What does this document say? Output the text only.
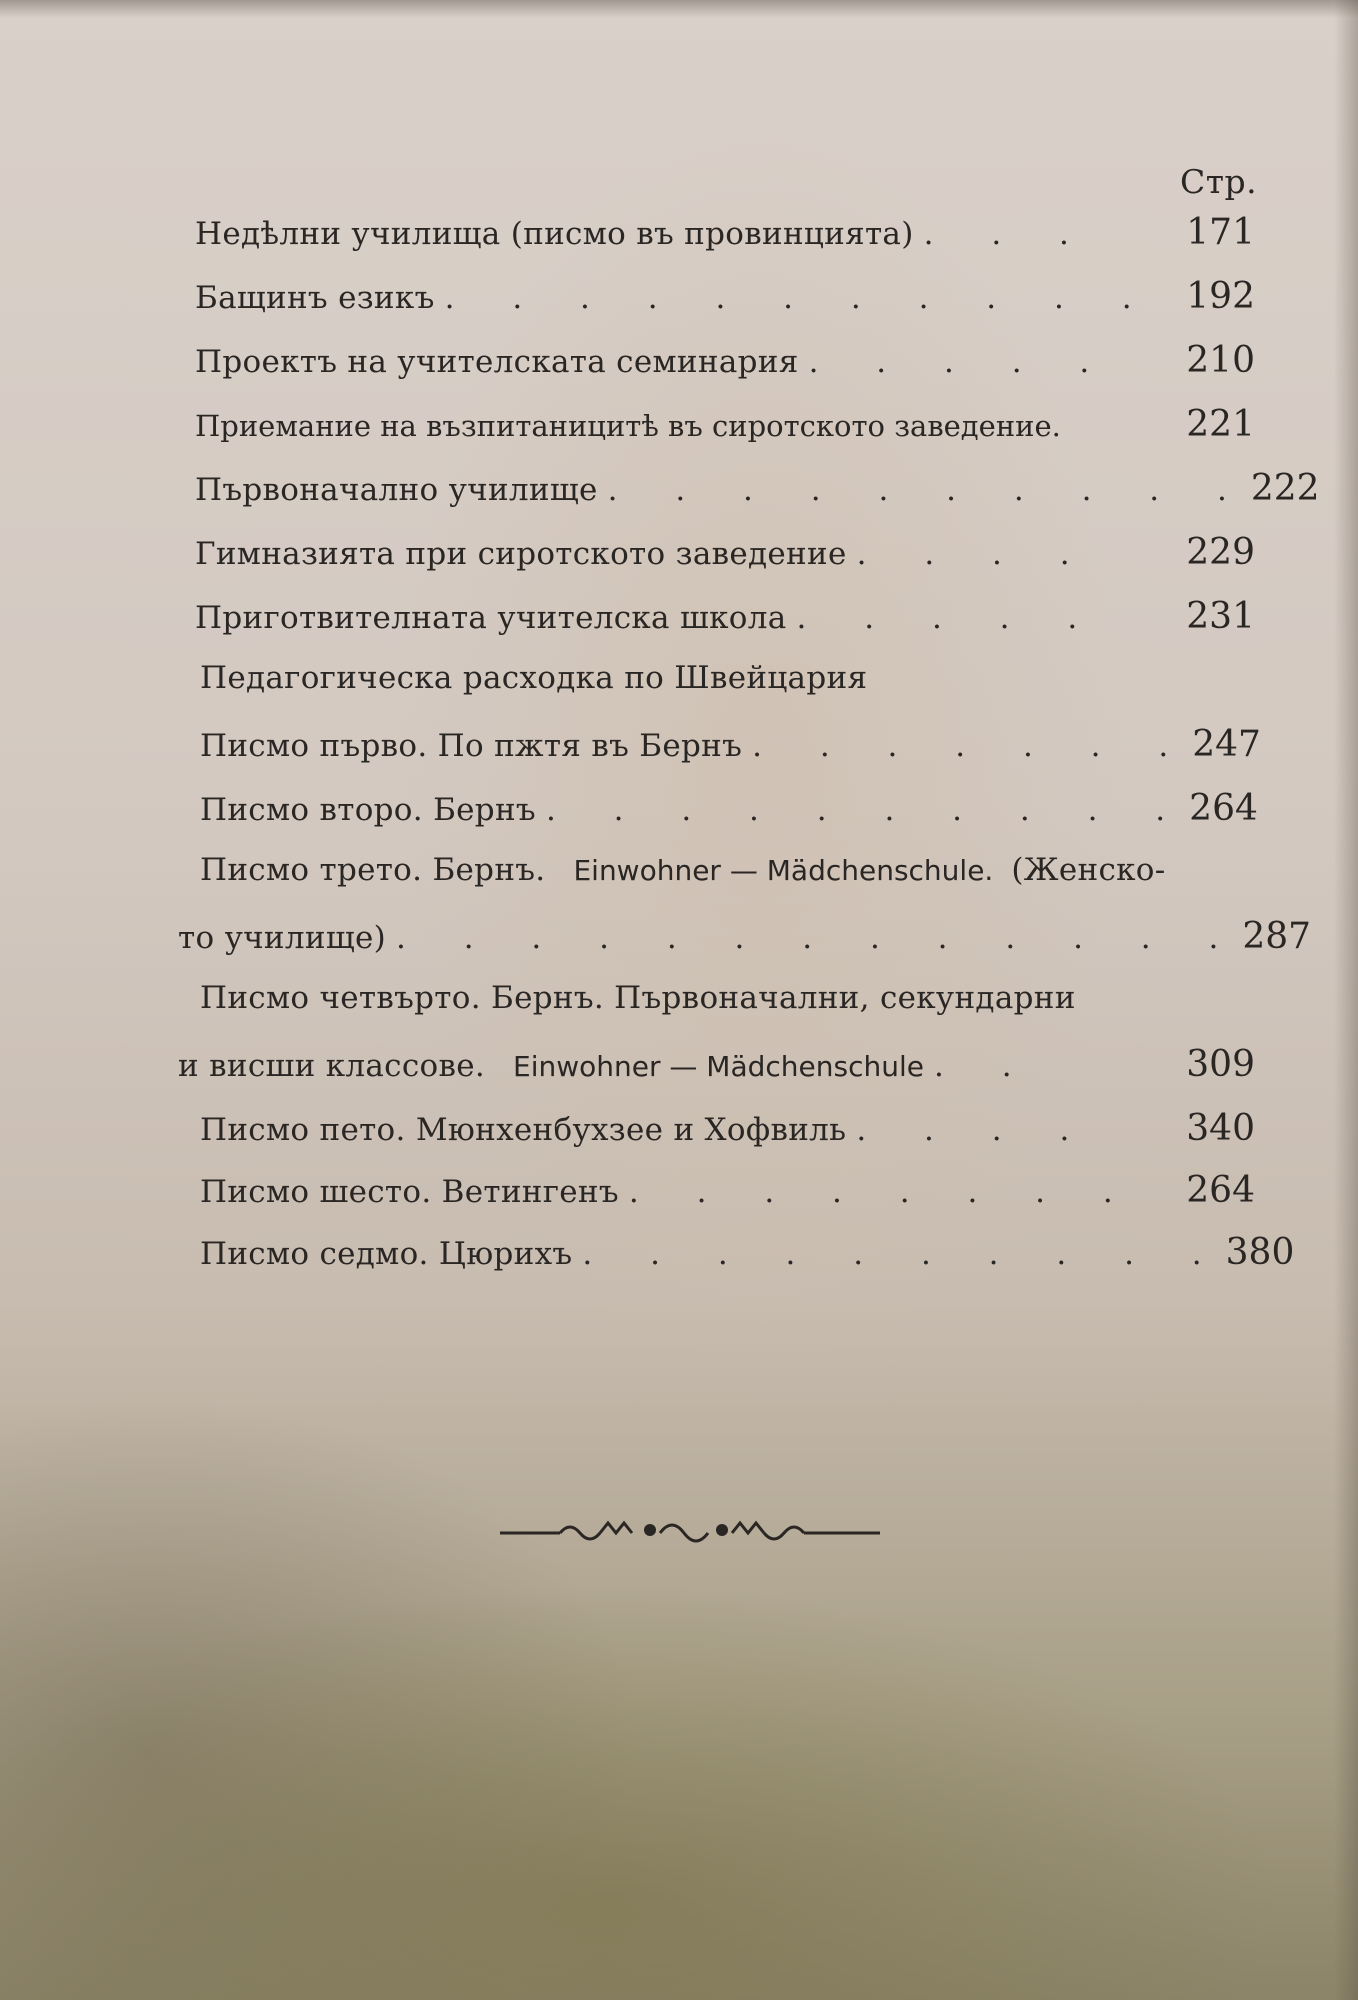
Стр.
Недѣлни училища (писмо въ провинцията) . . .	171
Бащинъ езикъ . . . . . . . . . . . 192
Проектъ на учителската семинария . . . . .	210
Приемание на възпитаницитѣ въ сиротското заведение.	221
Първоначално училище . . . . . . . . . . 222
Гимназията при сиротското заведение . . . .	229
Приготвителната учителска школа . . . . .	231
Педагогическа расходка по Швейцария
Писмо първо. По пжтя въ Бернъ . . . . . . . 247
Писмо второ. Бернъ . . . . . . . . . . 264
Писмо трето. Бернъ. Einwohner — Mädchenschule. (Женско-
то училище) . . . . . . . . . . . . . 287
Писмо четвърто. Бернъ. Първоначални, секундарни
и висши классове. Einwohner — Mädchenschule . .	309
Писмо пето. Мюнхенбухзее и Хофвиль . . . .	340
Писмо шесто. Ветингенъ . . . . . . . .	264
Писмо седмо. Цюрихъ . . . . . . . . . . 380
